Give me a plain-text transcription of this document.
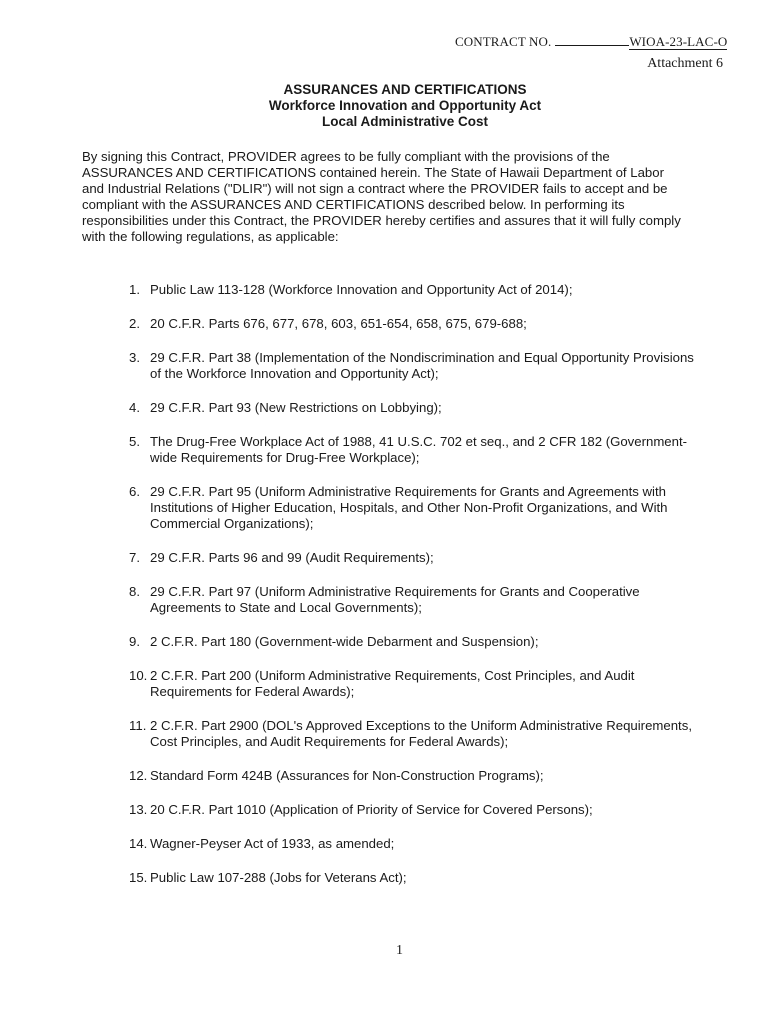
CONTRACT NO.	WIOA-23-LAC-O
Attachment 6
ASSURANCES AND CERTIFICATIONS
Workforce Innovation and Opportunity Act
Local Administrative Cost
By signing this Contract, PROVIDER agrees to be fully compliant with the provisions of the
ASSURANCES AND CERTIFICATIONS contained herein. The State of Hawaii Department of Labor
and Industrial Relations ("DLIR") will not sign a contract where the PROVIDER fails to accept and be
compliant with the ASSURANCES AND CERTIFICATIONS described below. In performing its
responsibilities under this Contract, the PROVIDER hereby certifies and assures that it will fully comply
with the following regulations, as applicable:
1. Public Law 113-128 (Workforce Innovation and Opportunity Act of 2014);
2. 20 C.F.R. Parts 676, 677, 678, 603, 651-654, 658, 675, 679-688;
3. 29 C.F.R. Part 38 (Implementation of the Nondiscrimination and Equal Opportunity Provisions
of the Workforce Innovation and Opportunity Act);
4. 29 C.F.R. Part 93 (New Restrictions on Lobbying);
5. The Drug-Free Workplace Act of 1988, 41 U.S.C. 702 et seq., and 2 CFR 182 (Government-
wide Requirements for Drug-Free Workplace);
6. 29 C.F.R. Part 95 (Uniform Administrative Requirements for Grants and Agreements with
Institutions of Higher Education, Hospitals, and Other Non-Profit Organizations, and With
Commercial Organizations);
7. 29 C.F.R. Parts 96 and 99 (Audit Requirements);
8. 29 C.F.R. Part 97 (Uniform Administrative Requirements for Grants and Cooperative
Agreements to State and Local Governments);
9. 2 C.F.R. Part 180 (Government-wide Debarment and Suspension);
10. 2 C.F.R. Part 200 (Uniform Administrative Requirements, Cost Principles, and Audit
Requirements for Federal Awards);
11. 2 C.F.R. Part 2900 (DOL's Approved Exceptions to the Uniform Administrative Requirements,
Cost Principles, and Audit Requirements for Federal Awards);
12. Standard Form 424B (Assurances for Non-Construction Programs);
13. 20 C.F.R. Part 1010 (Application of Priority of Service for Covered Persons);
14. Wagner-Peyser Act of 1933, as amended;
15. Public Law 107-288 (Jobs for Veterans Act);
1
